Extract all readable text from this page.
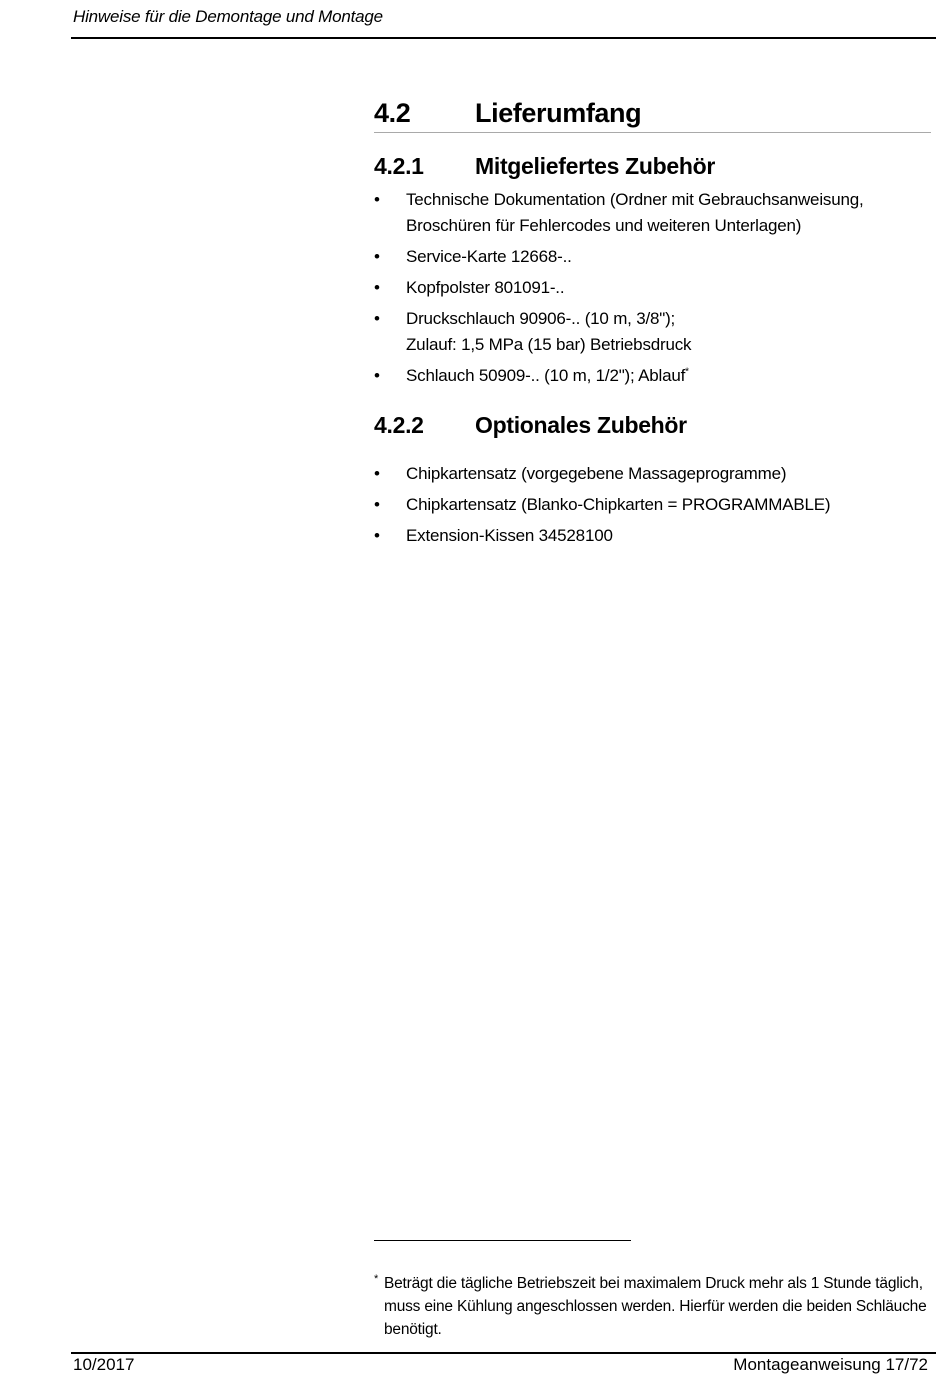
Hinweise für die Demontage und Montage
4.2 Lieferumfang
4.2.1 Mitgeliefertes Zubehör
• Technische Dokumentation (Ordner mit Gebrauchsanweisung,
Broschüren für Fehlercodes und weiteren Unterlagen)
• Service-Karte 12668-..
• Kopfpolster 801091-..
• Druckschlauch 90906-.. (10 m, 3/8");
Zulauf: 1,5 MPa (15 bar) Betriebsdruck
• Schlauch 50909-.. (10 m, 1/2"); Ablauf*
4.2.2 Optionales Zubehör
• Chipkartensatz (vorgegebene Massageprogramme)
• Chipkartensatz (Blanko-Chipkarten = PROGRAMMABLE)
• Extension-Kissen 34528100
* Beträgt die tägliche Betriebszeit bei maximalem Druck mehr als 1 Stunde täglich,
muss eine Kühlung angeschlossen werden. Hierfür werden die beiden Schläuche
benötigt.
10/2017	Montageanweisung 17/72
